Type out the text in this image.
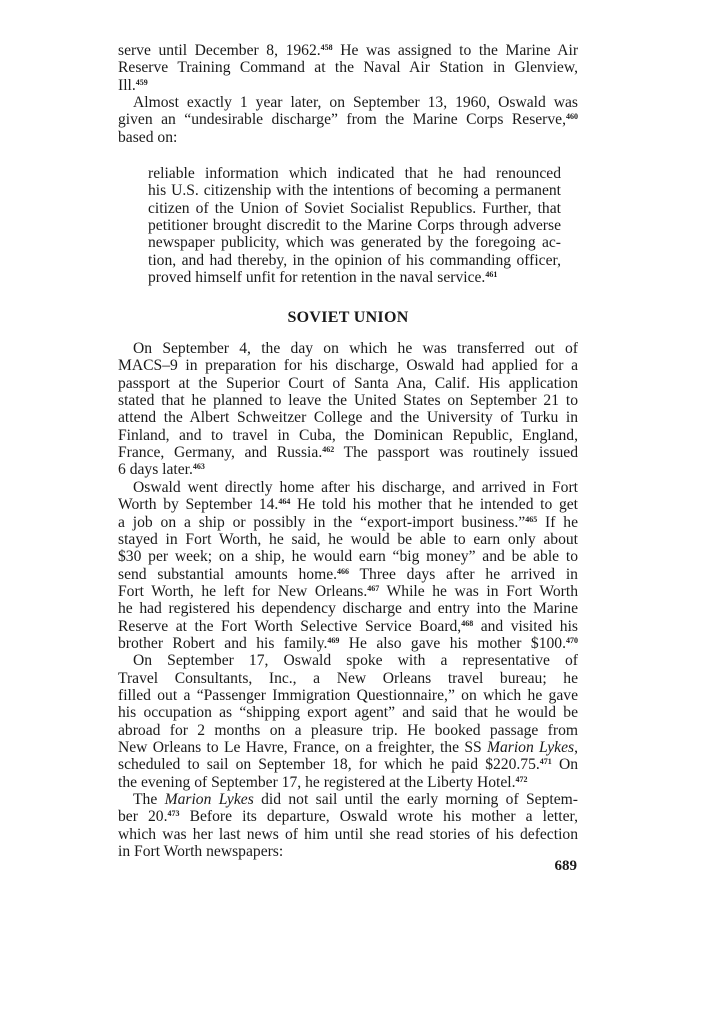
SOVIET UNION
689
serve until December 8, 1962.$^{458}$ He was assigned to the Marine Air
Reserve Training Command at the Naval Air Station in Glenview,
Ill.$^{459}$
Almost exactly 1 year later, on September 13, 1960, Oswald was
given an “undesirable discharge” from the Marine Corps Reserve,$^{460}$
based on:
reliable information which indicated that he had renounced
his U.S. citizenship with the intentions of becoming a permanent
citizen of the Union of Soviet Socialist Republics. Further, that
petitioner brought discredit to the Marine Corps through adverse
newspaper publicity, which was generated by the foregoing ac-
tion, and had thereby, in the opinion of his commanding officer,
proved himself unfit for retention in the naval service.$^{461}$
On September 4, the day on which he was transferred out of
MACS–9 in preparation for his discharge, Oswald had applied for a
passport at the Superior Court of Santa Ana, Calif. His application
stated that he planned to leave the United States on September 21 to
attend the Albert Schweitzer College and the University of Turku in
Finland, and to travel in Cuba, the Dominican Republic, England,
France, Germany, and Russia.$^{462}$ The passport was routinely issued
6 days later.$^{463}$
Oswald went directly home after his discharge, and arrived in Fort
Worth by September 14.$^{464}$ He told his mother that he intended to get
a job on a ship or possibly in the “export-import business.”$^{465}$ If he
stayed in Fort Worth, he said, he would be able to earn only about
$30 per week; on a ship, he would earn “big money” and be able to
send substantial amounts home.$^{466}$ Three days after he arrived in
Fort Worth, he left for New Orleans.$^{467}$ While he was in Fort Worth
he had registered his dependency discharge and entry into the Marine
Reserve at the Fort Worth Selective Service Board,$^{468}$ and visited his
brother Robert and his family.$^{469}$ He also gave his mother $100.$^{470}$
On September 17, Oswald spoke with a representative of
Travel Consultants, Inc., a New Orleans travel bureau; he
filled out a “Passenger Immigration Questionnaire,” on which he gave
his occupation as “shipping export agent” and said that he would be
abroad for 2 months on a pleasure trip. He booked passage from
New Orleans to Le Havre, France, on a freighter, the SS Marion Lykes,
scheduled to sail on September 18, for which he paid $220.75.$^{471}$ On
the evening of September 17, he registered at the Liberty Hotel.$^{472}$
The Marion Lykes did not sail until the early morning of Septem-
ber 20.$^{473}$ Before its departure, Oswald wrote his mother a letter,
which was her last news of him until she read stories of his defection
in Fort Worth newspapers:
